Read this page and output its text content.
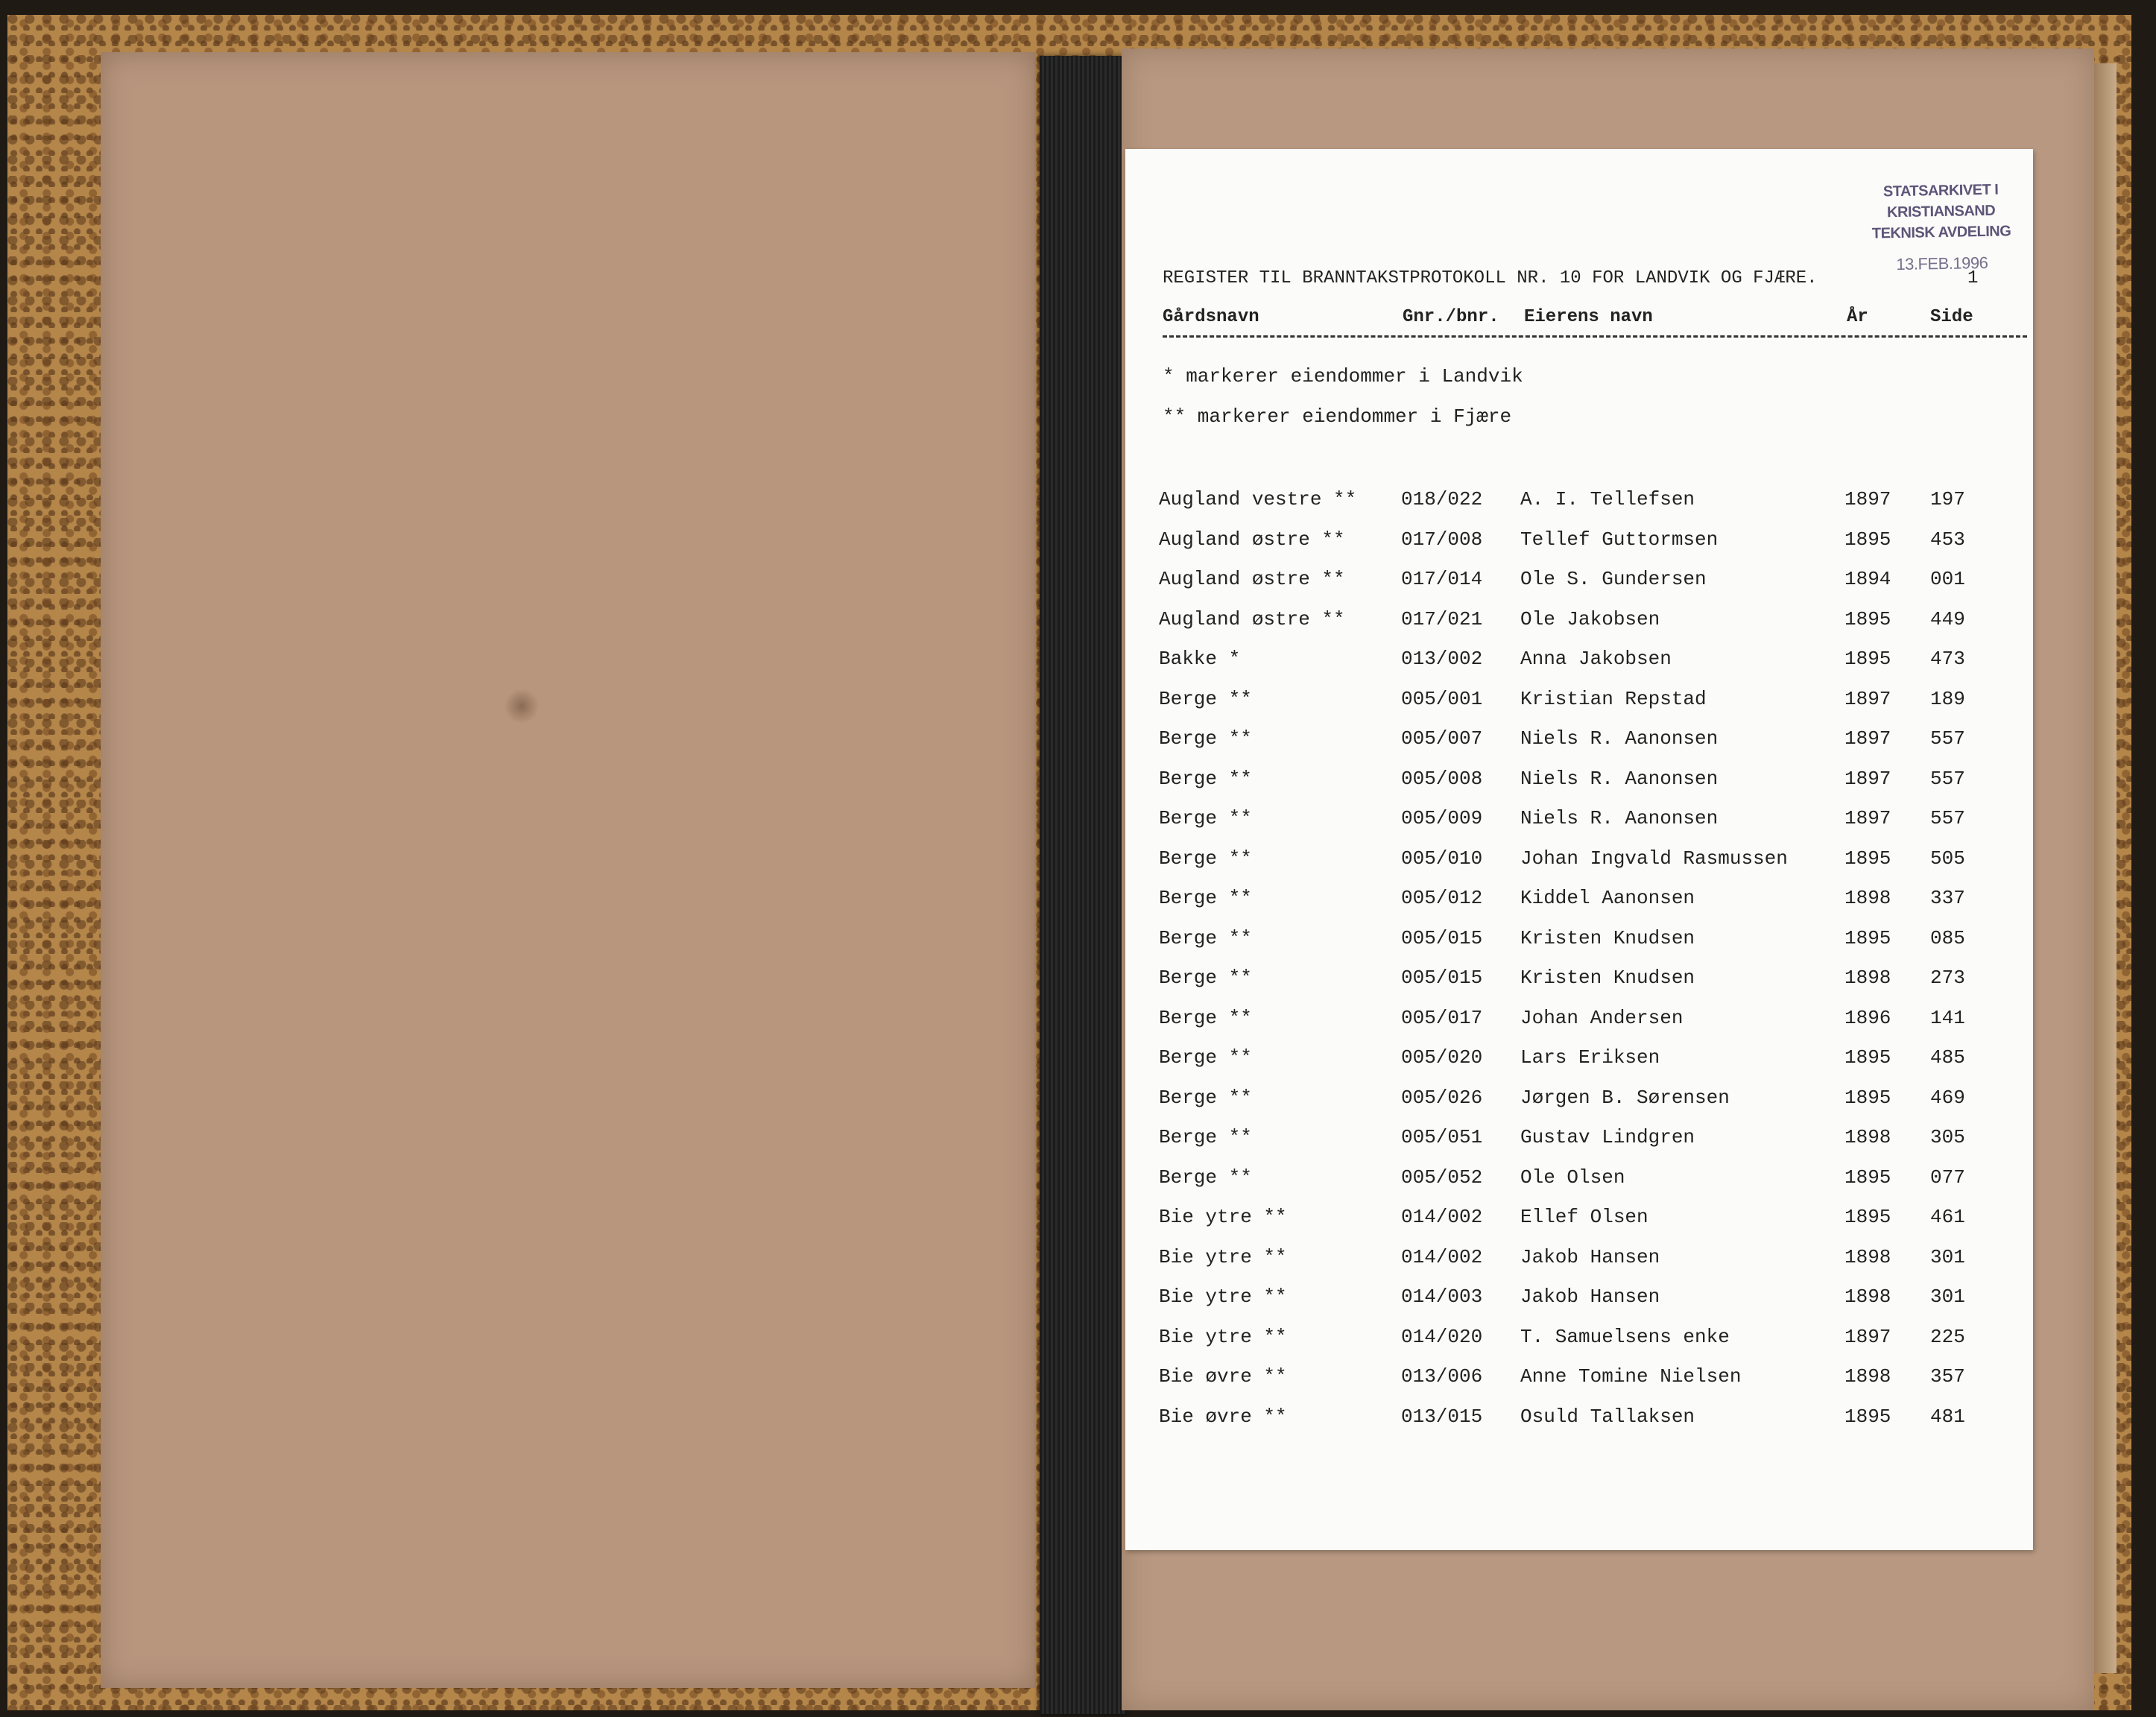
STATSARKIVET I KRISTIANSAND
TEKNISK AVDELING
13.FEB.1996
REGISTER TIL BRANNTAKSTPROTOKOLL NR. 10 FOR LANDVIK OG FJÆRE.	1
Gårdsnavn	Gnr./bnr. Eierens navn	År	Side
* markerer eiendommer i Landvik
** markerer eiendommer i Fjære
Augland vestre ** 018/022 A. I. Tellefsen	1897 197
Augland østre **	017/008 Tellef Guttormsen	1895 453
Augland østre **	017/014 Ole S. Gundersen	1894 001
Augland østre **	017/021 Ole Jakobsen	1895 449
Bakke *	013/002 Anna Jakobsen	1895 473
Berge **	005/001 Kristian Repstad	1897 189
Berge **	005/007 Niels R. Aanonsen	1897 557
Berge **	005/008 Niels R. Aanonsen	1897 557
Berge **	005/009 Niels R. Aanonsen	1897 557
Berge **	005/010 Johan Ingvald Rasmussen	1895 505
Berge **	005/012 Kiddel Aanonsen	1898 337
Berge **	005/015 Kristen Knudsen	1895 085
Berge **	005/015 Kristen Knudsen	1898 273
Berge **	005/017 Johan Andersen	1896 141
Berge **	005/020 Lars Eriksen	1895 485
Berge **	005/026 Jørgen B. Sørensen	1895 469
Berge **	005/051 Gustav Lindgren	1898 305
Berge **	005/052 Ole Olsen	1895 077
Bie ytre **	014/002 Ellef Olsen	1895 461
Bie ytre **	014/002 Jakob Hansen	1898 301
Bie ytre **	014/003 Jakob Hansen	1898 301
Bie ytre **	014/020 T. Samuelsens enke	1897 225
Bie øvre **	013/006 Anne Tomine Nielsen	1898 357
Bie øvre **	013/015 Osuld Tallaksen	1895 481
